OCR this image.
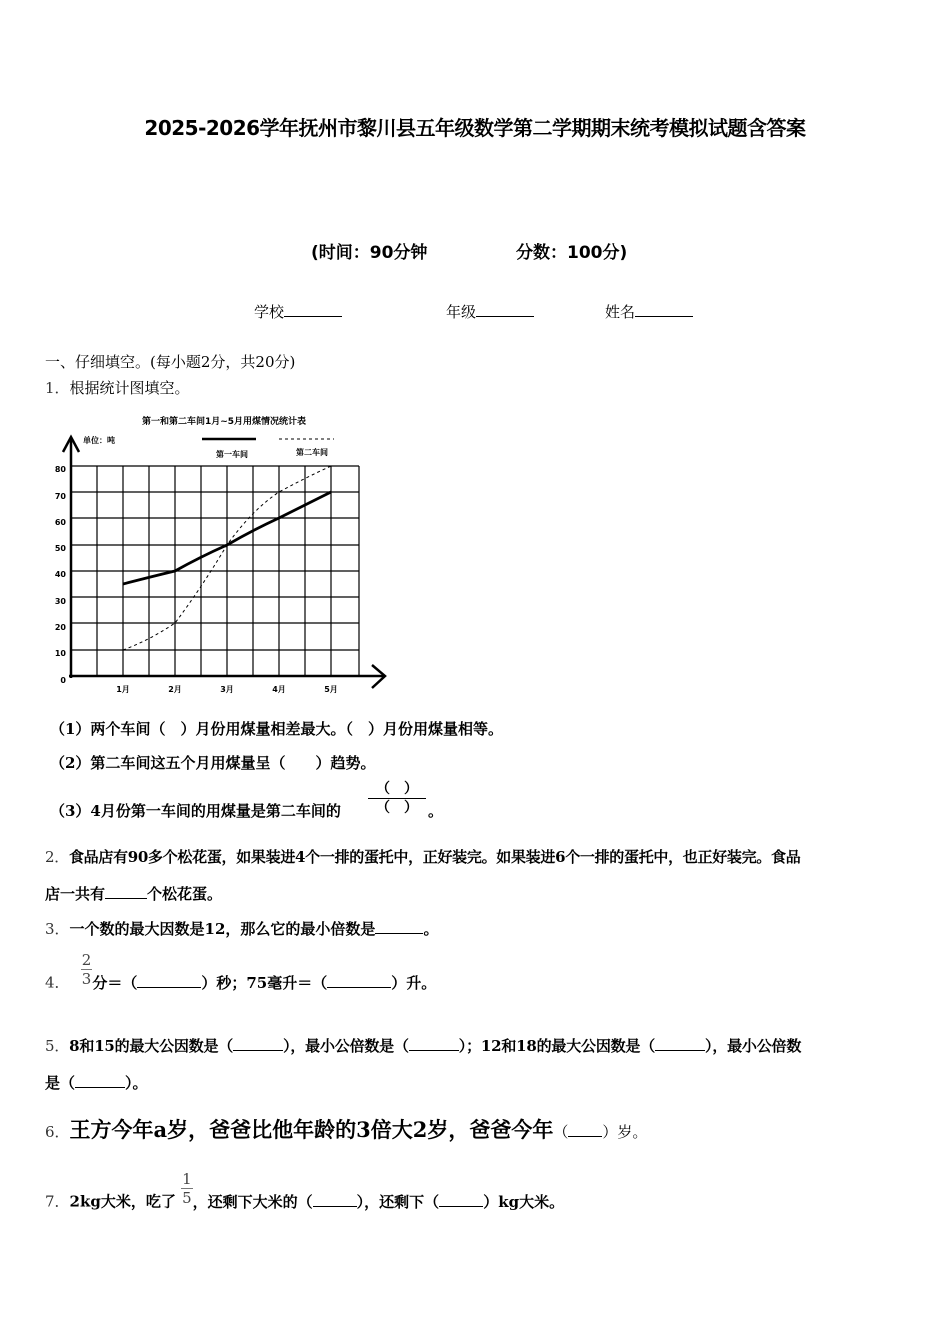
2025-2026学年抚州市黎川县五年级数学第二学期期末统考模拟试题含答案
(时间：90分钟	分数：100分)
学校	年级	姓名
一、仔细填空。(每小题2分，共20分)
1．根据统计图填空。
第一和第二车间1月~5月用煤情况统计表
单位：吨
第一车间	第二车间
0
10
20
30
40
50
60
70
80
1月	2月	3月	4月	5月
（1）两个车间（　）月份用煤量相差最大。（　）月份用煤量相等。
（2）第二车间这五个月用煤量呈（　　）趋势。
（3）4月份第一车间的用煤量是第二车间的
（　）
（　） 。
2．食品店有90多个松花蛋，如果装进4个一排的蛋托中，正好装完。如果装进6个一排的蛋托中，也正好装完。食品
店一共有	个松花蛋。
3．一个数的最大因数是12，那么它的最小倍数是	。
4． $\frac{2}{3}$ 分＝（	）秒；75毫升＝（	）升。
5．8和15的最大公因数是（	），最小公倍数是（	）；12和18的最大公因数是（	），最小公倍数
是（	）。
6．王方今年a岁，爸爸比他年龄的3倍大2岁，爸爸今年（ ）岁。
7．2kg大米，吃了 $\frac{1}{5}$ ，还剩下大米的（	），还剩下（	）kg大米。
